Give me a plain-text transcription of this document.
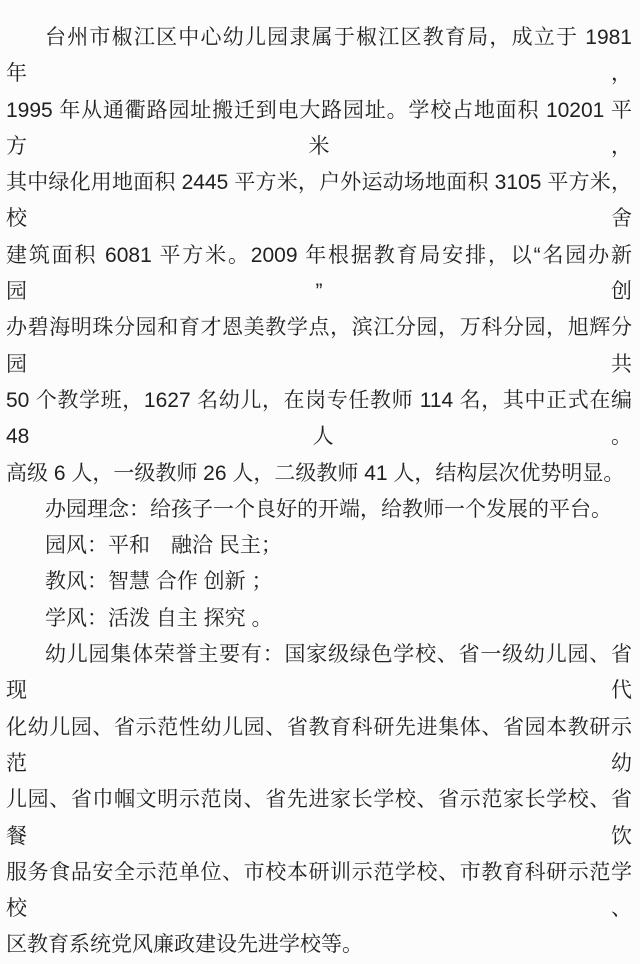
台州市椒江区中心幼儿园隶属于椒江区教育局，成立于 1981 年，
1995 年从通衢路园址搬迁到电大路园址。学校占地面积 10201 平方米，
其中绿化用地面积 2445 平方米，户外运动场地面积 3105 平方米，校舍
建筑面积 6081 平方米。2009 年根据教育局安排，以“名园办新园”创
办碧海明珠分园和育才恩美教学点，滨江分园，万科分园，旭辉分园共
50 个教学班，1627 名幼儿，在岗专任教师 114 名，其中正式在编 48 人。
高级 6 人，一级教师 26 人，二级教师 41 人，结构层次优势明显。
办园理念：给孩子一个良好的开端，给教师一个发展的平台。
园风：平和　融洽 民主；
教风：智慧 合作 创新 ；
学风：活泼 自主 探究 。
幼儿园集体荣誉主要有：国家级绿色学校、省一级幼儿园、省现代
化幼儿园、省示范性幼儿园、省教育科研先进集体、省园本教研示范幼
儿园、省巾帼文明示范岗、省先进家长学校、省示范家长学校、省餐饮
服务食品安全示范单位、市校本研训示范学校、市教育科研示范学校、
区教育系统党风廉政建设先进学校等。
